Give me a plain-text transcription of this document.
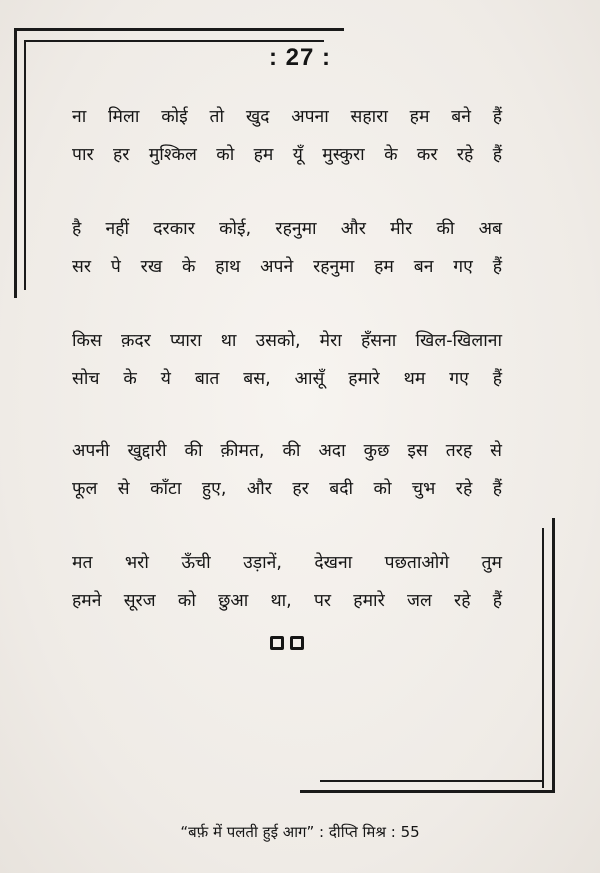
: 27 :
ना मिला कोई तो खुद अपना सहारा हम बने हैं
पार हर मुश्किल को हम यूँ मुस्कुरा के कर रहे हैं
है नहीं दरकार कोई, रहनुमा और मीर की अब
सर पे रख के हाथ अपने रहनुमा हम बन गए हैं
किस क़दर प्यारा था उसको, मेरा हँसना खिल-खिलाना
सोच के ये बात बस, आसूँ हमारे थम गए हैं
अपनी खुद्दारी की क़ीमत, की अदा कुछ इस तरह से
फूल से काँटा हुए, और हर बदी को चुभ रहे हैं
मत भरो ऊँची उड़ानें, देखना पछताओगे तुम
हमने सूरज को छुआ था, पर हमारे जल रहे हैं
“बर्फ़ में पलती हुई आग” : दीप्ति मिश्र : 55
